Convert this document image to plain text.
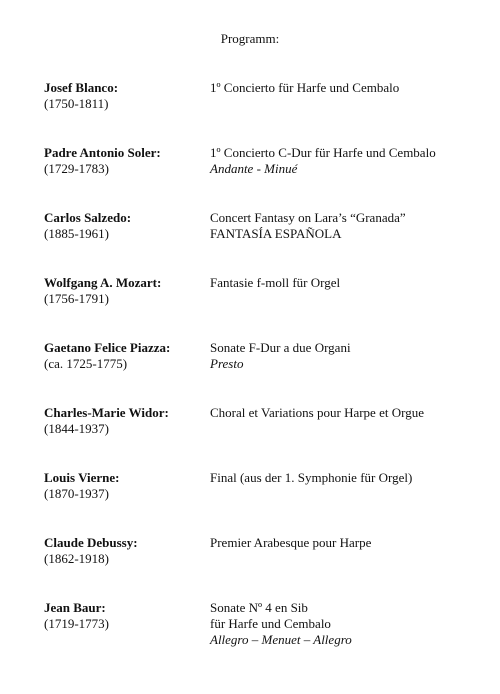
Programm:
Josef Blanco:
(1750-1811)
1º Concierto für Harfe und Cembalo
Padre Antonio Soler:
(1729-1783)
1º Concierto C-Dur für Harfe und Cembalo
Andante - Minué
Carlos Salzedo:
(1885-1961)
Concert Fantasy on Lara’s “Granada”
FANTASÍA ESPAÑOLA
Wolfgang A. Mozart:
(1756-1791)
Fantasie f-moll für Orgel
Gaetano Felice Piazza:
(ca. 1725-1775)
Sonate F-Dur a due Organi
Presto
Charles-Marie Widor:
(1844-1937)
Choral et Variations pour Harpe et Orgue
Louis Vierne:
(1870-1937)
Final (aus der 1. Symphonie für Orgel)
Claude Debussy:
(1862-1918)
Premier Arabesque pour Harpe
Jean Baur:
(1719-1773)
Sonate Nº 4 en Sib
für Harfe und Cembalo
Allegro – Menuet – Allegro
